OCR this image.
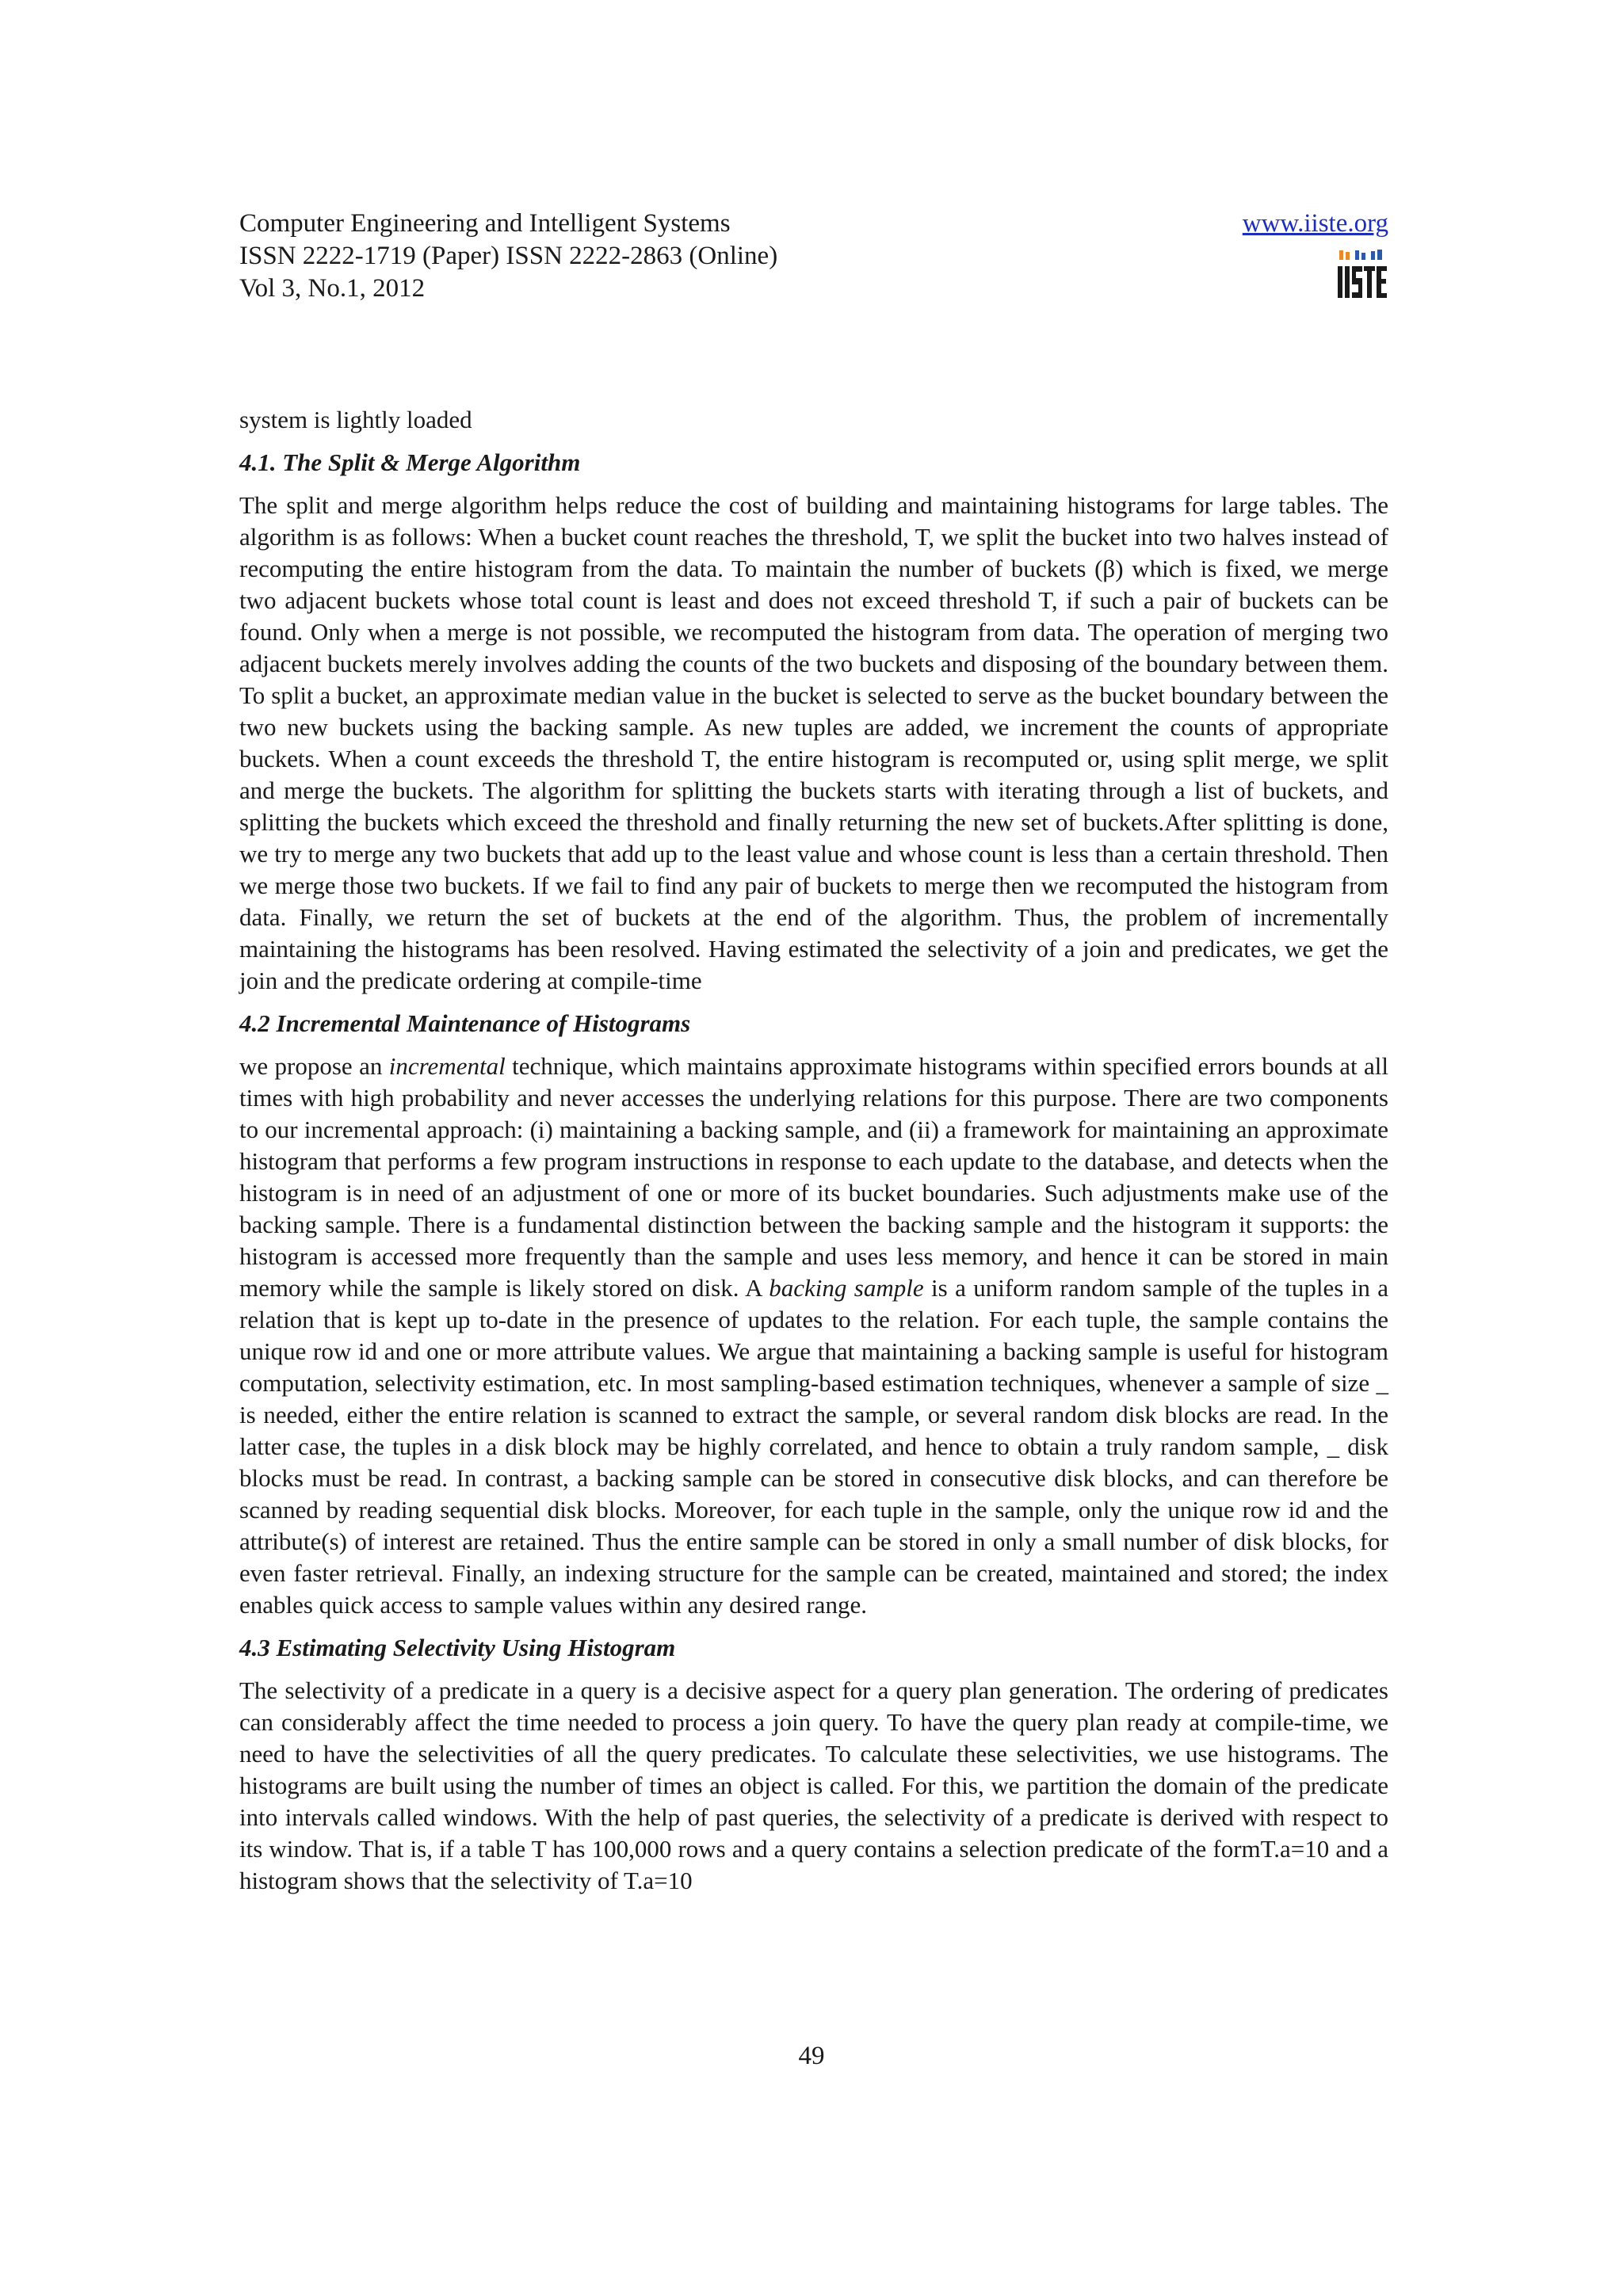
Computer Engineering and Intelligent Systems
ISSN 2222-1719 (Paper) ISSN 2222-2863 (Online)
Vol 3, No.1, 2012
www.iiste.org

system is lightly loaded

4.1. The Split & Merge Algorithm

The split and merge algorithm helps reduce the cost of building and maintaining histograms for large tables. The algorithm is as follows: When a bucket count reaches the threshold, T, we split the bucket into two halves instead of recomputing the entire histogram from the data. To maintain the number of buckets (β) which is fixed, we merge two adjacent buckets whose total count is least and does not exceed threshold T, if such a pair of buckets can be found. Only when a merge is not possible, we recomputed the histogram from data. The operation of merging two adjacent buckets merely involves adding the counts of the two buckets and disposing of the boundary between them. To split a bucket, an approximate median value in the bucket is selected to serve as the bucket boundary between the two new buckets using the backing sample. As new tuples are added, we increment the counts of appropriate buckets. When a count exceeds the threshold T, the entire histogram is recomputed or, using split merge, we split and merge the buckets. The algorithm for splitting the buckets starts with iterating through a list of buckets, and splitting the buckets which exceed the threshold and finally returning the new set of buckets.After splitting is done, we try to merge any two buckets that add up to the least value and whose count is less than a certain threshold. Then we merge those two buckets. If we fail to find any pair of buckets to merge then we recomputed the histogram from data. Finally, we return the set of buckets at the end of the algorithm. Thus, the problem of incrementally maintaining the histograms has been resolved. Having estimated the selectivity of a join and predicates, we get the join and the predicate ordering at compile-time

4.2 Incremental Maintenance of Histograms

we propose an incremental technique, which maintains approximate histograms within specified errors bounds at all times with high probability and never accesses the underlying relations for this purpose. There are two components to our incremental approach: (i) maintaining a backing sample, and (ii) a framework for maintaining an approximate histogram that performs a few program instructions in response to each update to the database, and detects when the histogram is in need of an adjustment of one or more of its bucket boundaries. Such adjustments make use of the backing sample. There is a fundamental distinction between the backing sample and the histogram it supports: the histogram is accessed more frequently than the sample and uses less memory, and hence it can be stored in main memory while the sample is likely stored on disk. A backing sample is a uniform random sample of the tuples in a relation that is kept up to-date in the presence of updates to the relation. For each tuple, the sample contains the unique row id and one or more attribute values. We argue that maintaining a backing sample is useful for histogram computation, selectivity estimation, etc. In most sampling-based estimation techniques, whenever a sample of size _ is needed, either the entire relation is scanned to extract the sample, or several random disk blocks are read. In the latter case, the tuples in a disk block may be highly correlated, and hence to obtain a truly random sample, _ disk blocks must be read. In contrast, a backing sample can be stored in consecutive disk blocks, and can therefore be scanned by reading sequential disk blocks. Moreover, for each tuple in the sample, only the unique row id and the attribute(s) of interest are retained. Thus the entire sample can be stored in only a small number of disk blocks, for even faster retrieval. Finally, an indexing structure for the sample can be created, maintained and stored; the index enables quick access to sample values within any desired range.

4.3 Estimating Selectivity Using Histogram

The selectivity of a predicate in a query is a decisive aspect for a query plan generation. The ordering of predicates can considerably affect the time needed to process a join query. To have the query plan ready at compile-time, we need to have the selectivities of all the query predicates. To calculate these selectivities, we use histograms. The histograms are built using the number of times an object is called. For this, we partition the domain of the predicate into intervals called windows. With the help of past queries, the selectivity of a predicate is derived with respect to its window. That is, if a table T has 100,000 rows and a query contains a selection predicate of the formT.a=10 and a histogram shows that the selectivity of T.a=10

49
